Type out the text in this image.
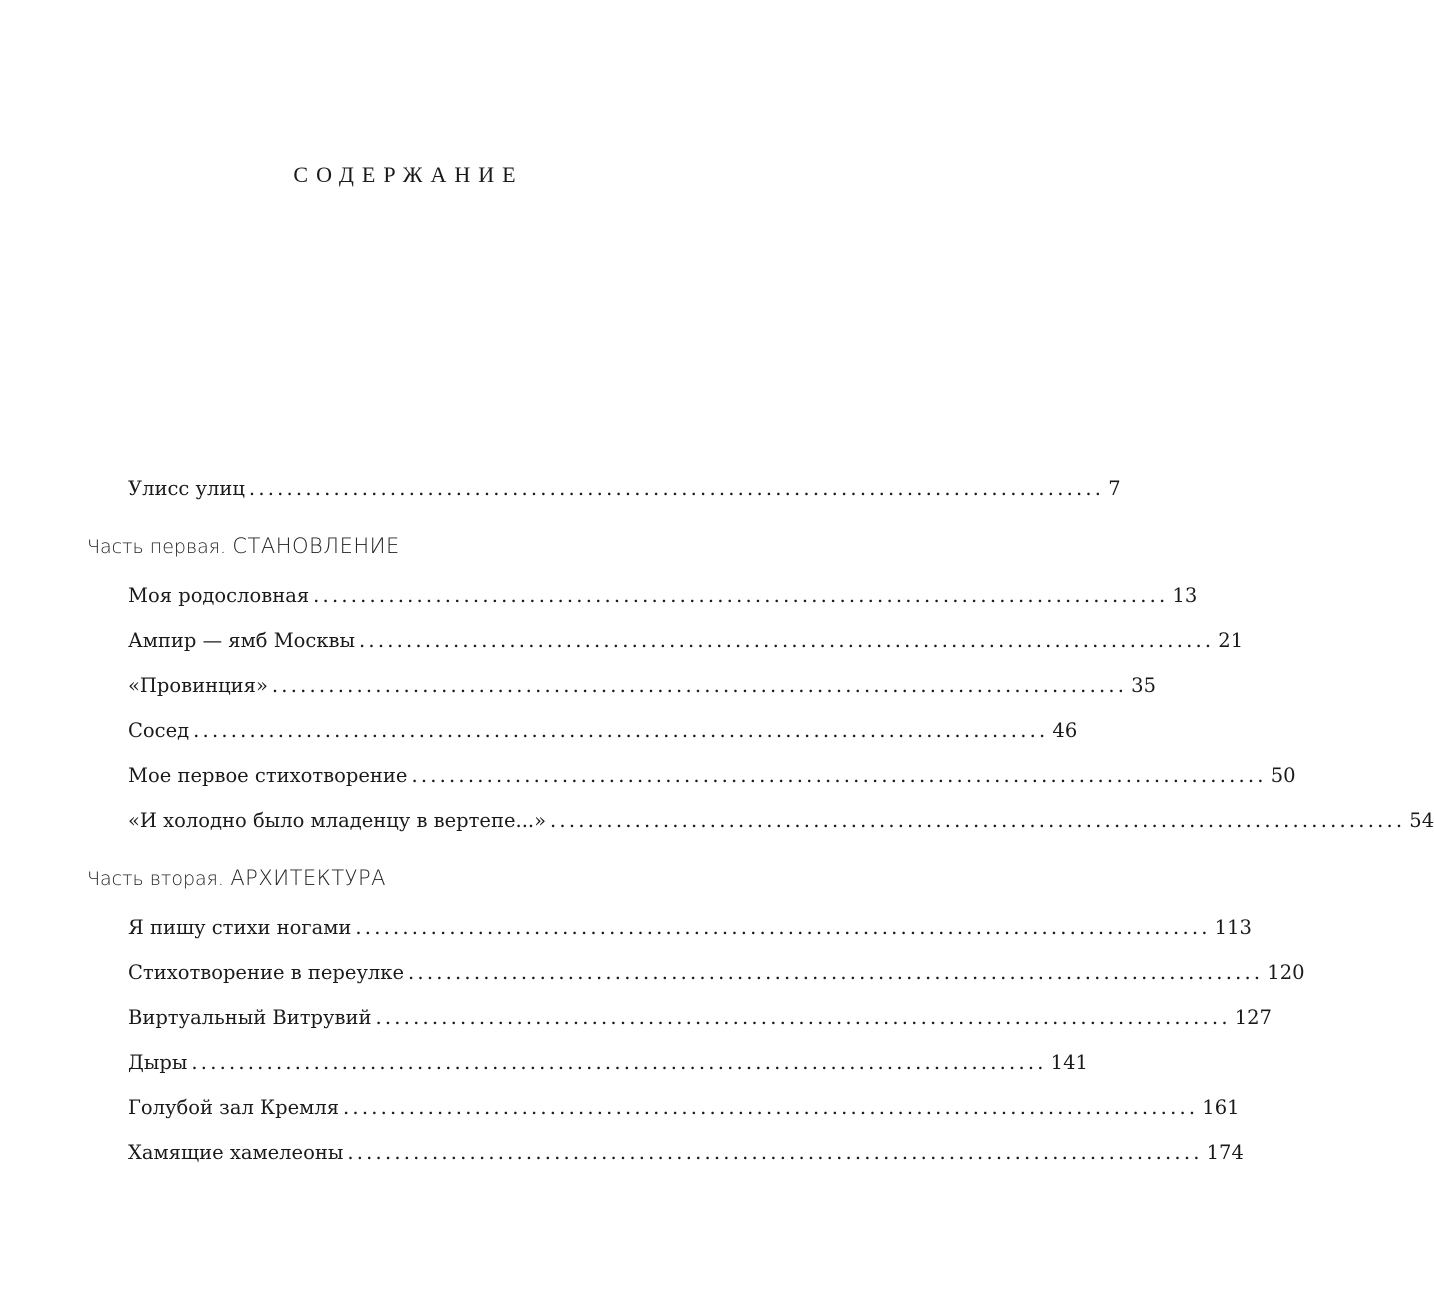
СОДЕРЖАНИЕ
Улисс улиц ........................................................................................... 7
Часть первая. СТАНОВЛЕНИЕ
Моя родословная ........................................................................................... 13
Ампир — ямб Москвы ........................................................................................... 21
«Провинция» ........................................................................................... 35
Сосед ........................................................................................... 46
Мое первое стихотворение ........................................................................................... 50
«И холодно было младенцу в вертепе...» ........................................................................................... 54
Часть вторая. АРХИТЕКТУРА
Я пишу стихи ногами ........................................................................................... 113
Стихотворение в переулке ........................................................................................... 120
Виртуальный Витрувий ........................................................................................... 127
Дыры ........................................................................................... 141
Голубой зал Кремля ........................................................................................... 161
Хамящие хамелеоны ........................................................................................... 174
